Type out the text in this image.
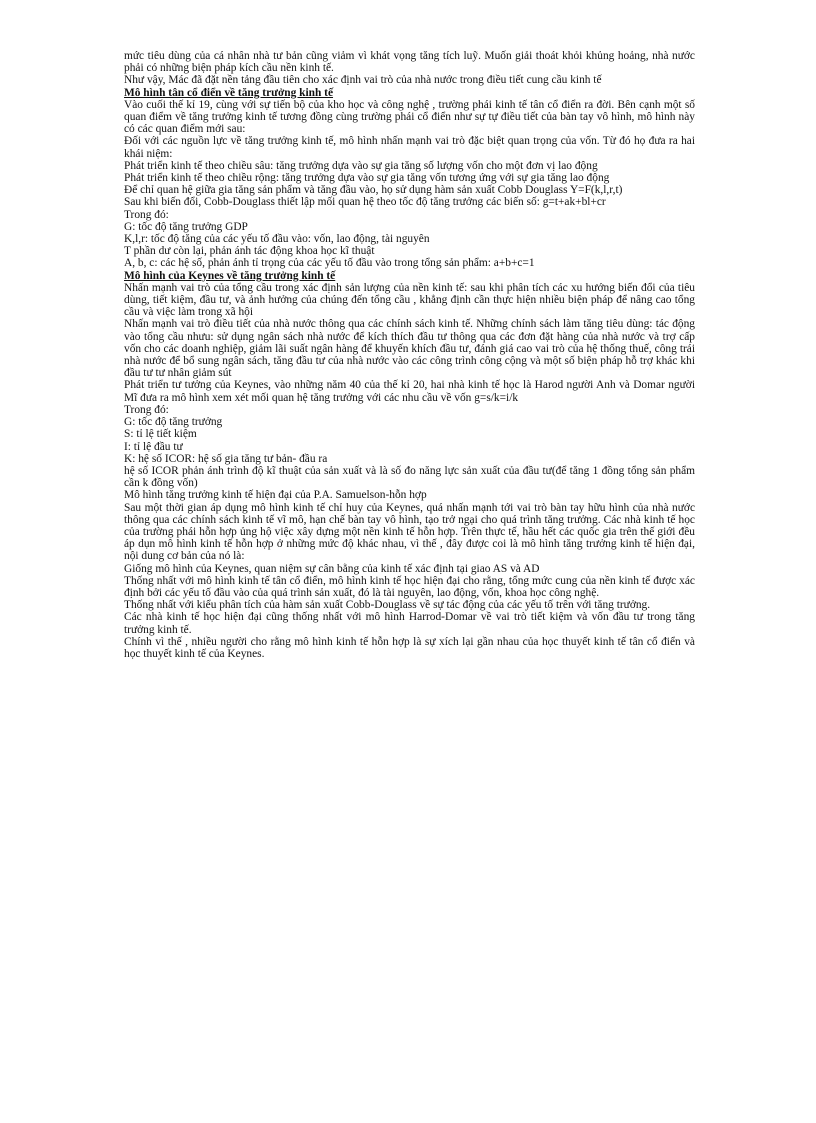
mức tiêu dùng của cá nhân nhà tư bản cũng viảm vì khát vọng tăng tích luỹ. Muốn giải thoát khỏi khủng hoảng, nhà nước phải có những biện pháp kích cầu nền kinh tế.

Như vậy, Mác đã đặt nền tảng đầu tiên cho xác định vai trò của nhà nước trong điều tiết cung cầu kinh tế

Mô hình tân cổ điển về tăng trưởng kinh tế

Vào cuối thế kỉ 19, cùng với sự tiến bộ của kho học và công nghệ , trường phái kinh tế tân cổ điển ra đời. Bên cạnh một số quan điểm về tăng trưởng kinh tế tương đồng cùng trường phái cổ điển như sự tự điều tiết của bàn tay vô hình, mô hình này có các quan điểm mới sau:

Đối với các nguồn lực về tăng trưởng kinh tế, mô hình nhấn mạnh vai trò đặc biệt quan trọng của vốn. Từ đó họ đưa ra hai khái niệm:

Phát triển kinh tế theo chiều sâu: tăng trưởng dựa vào sự gia tăng số lượng vốn cho một đơn vị lao động

Phát triển kinh tế theo chiều rộng: tăng trưởng dựa vào sự gia tăng vốn tương ứng với sự gia tăng lao động

Để chỉ quan hệ giữa gia tăng sản phẩm và tăng đầu vào, họ sử dụng hàm sản xuất Cobb Douglass Y=F(k,l,r,t)

Sau khi biến đổi, Cobb-Douglass thiết lập mối quan hệ theo tốc độ tăng trưởng các biến số: g=t+ak+bl+cr

Trong đó:

G: tốc độ tăng trưởng GDP

K,l,r: tốc độ tăng của các yếu tố đầu vào: vốn, lao động, tài nguyên

T phần dư còn lại, phản ánh tác động khoa học kĩ thuật

A, b, c: các hệ số, phản ánh tỉ trọng của các yếu tố đầu vào trong tổng sản phẩm: a+b+c=1

Mô hình của Keynes về tăng trưởng kinh tế

Nhấn mạnh vai trò của tổng cầu trong xác định sản lượng của nền kinh tế: sau khi phân tích các xu hướng biến đổi của tiêu dùng, tiết kiệm, đầu tư, và ảnh hưởng của chúng đến tổng cầu , khẳng định cần thực hiện nhiều biện pháp để nâng cao tổng cầu và việc làm trong xã hội

Nhấn mạnh vai trò điều tiết của nhà nước thông qua các chính sách kinh tế. Những chính sách làm tăng tiêu dùng: tác động vào tổng cầu nhưu: sử dụng ngân sách nhà nước để kích thích đầu tư thông qua các đơn đặt hàng của nhà nước và trợ cấp vốn cho các doanh nghiệp, giảm lãi suất ngân hàng để khuyến khích đầu tư, đánh giá cao vai trò của hệ thống thuế, công trái nhà nước để bổ sung ngân sách, tăng đầu tư của nhà nước vào các công trình công cộng và một số biện pháp hỗ trợ khác khi đầu tư tư nhân giảm sút

Phát triển tư tưởng của Keynes, vào những năm 40 của thế kỉ 20, hai nhà kinh tế học là Harod người Anh và Domar người Mĩ đưa ra mô hình xem xét mối quan hệ tăng trưởng với các nhu cầu về vốn g=s/k=i/k

Trong đó:

G: tốc độ tăng trưởng

S: tỉ lệ tiết kiệm

I: tỉ lệ đầu tư

K: hệ số ICOR: hệ số gia tăng tư bản- đầu ra

hệ số ICOR phản ánh trình độ kĩ thuật của sản xuất và là số đo năng lực sản xuất của đầu tư(để tăng 1 đồng tổng sản phẩm cần k đồng vốn)

Mô hình tăng trưởng kinh tế hiện đại của P.A. Samuelson-hỗn hợp

Sau một thời gian áp dụng mô hình kinh tế chỉ huy của Keynes, quá nhấn mạnh tới vai trò bàn tay hữu hình của nhà nước thông qua các chính sách kinh tế vĩ mô, hạn chế bàn tay vô hình, tạo trở ngại cho quá trình tăng trưởng. Các nhà kinh tế học của trường phái hỗn hợp ủng hộ việc xây dựng một nền kinh tế hỗn hợp. Trên thực tế, hầu hết các quốc gia trên thế giới đều áp dụn mô hình kinh tế hỗn hợp ở những mức độ khác nhau, vì thế , đây được coi là mô hình tăng trưởng kinh tế hiện đại, nội dung cơ bản của nó là:

Giống mô hình của Keynes, quan niệm sự cân bằng của kinh tế xác định tại giao AS và AD

Thống nhất với mô hình kinh tế tân cổ điển, mô hình kinh tế học hiện đại cho rằng, tổng mức cung của nền kinh tế được xác định bởi các yếu tố đầu vào của quá trình sản xuất, đó là tài nguyên, lao động, vốn, khoa học công nghệ.

Thống nhất với kiểu phân tích của hàm sản xuất Cobb-Douglass về sự tác động của các yếu tố trên với tăng trưởng.

Các nhà kinh tế học hiện đại cũng thống nhất với mô hình Harrod-Domar về vai trò tiết kiệm và vốn đầu tư trong tăng trưởng kinh tế.

Chính vì thế , nhiều người cho rằng mô hình kinh tế hỗn hợp là sự xích lại gần nhau của học thuyết kinh tế tân cổ điển và học thuyết kinh tế của Keynes.
